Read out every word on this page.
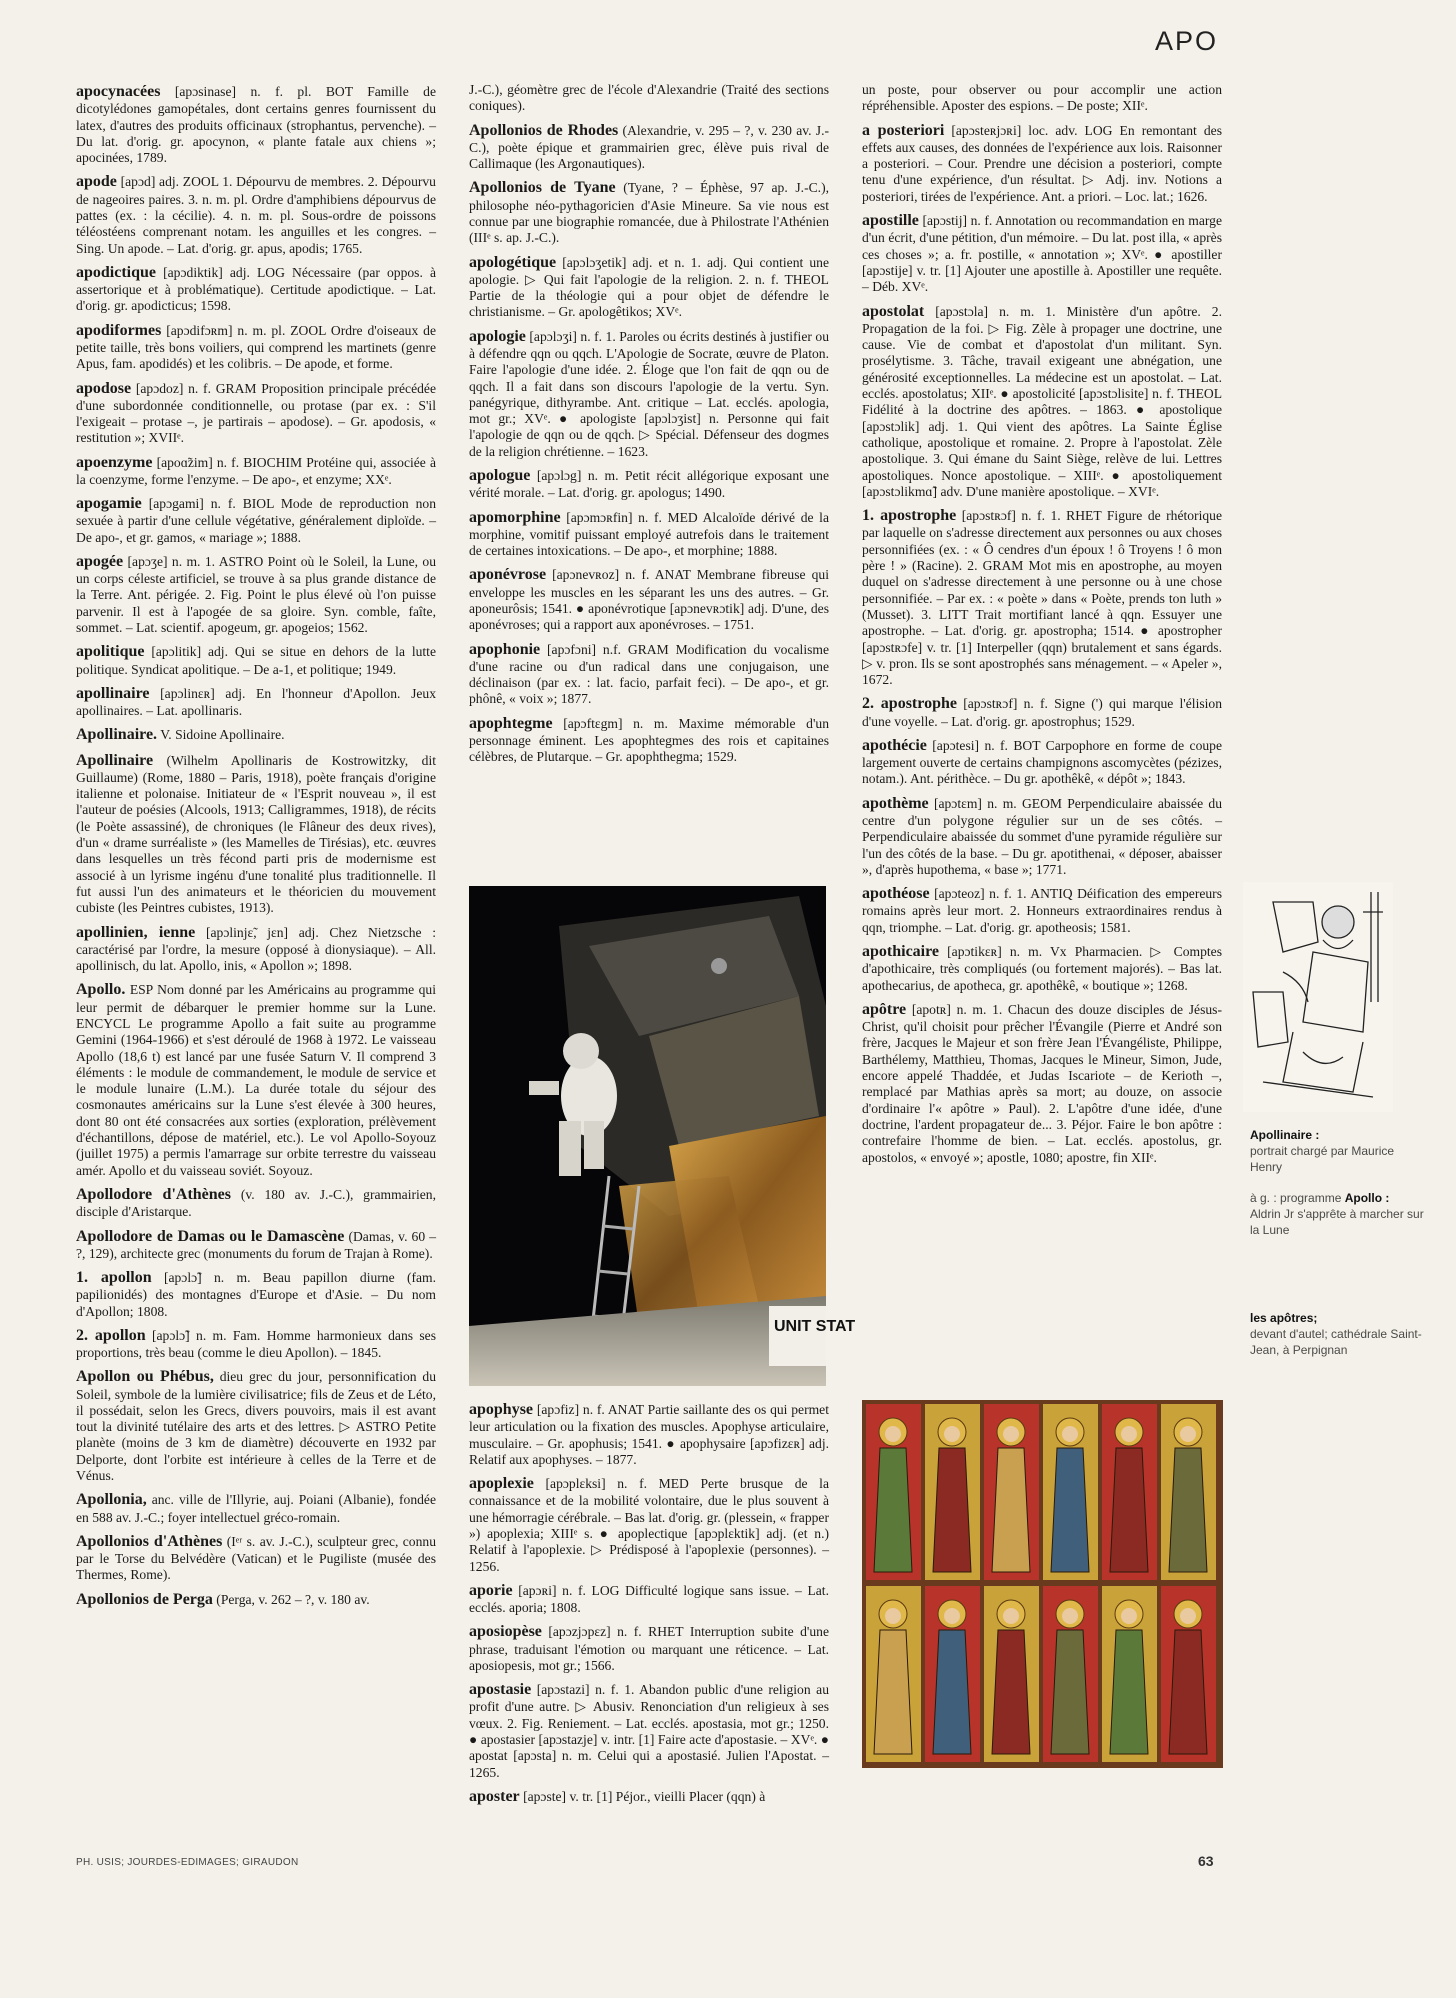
APO
apocynacées [apɔsinase] n. f. pl. BOT Famille de dicotylédones gamopétales, dont certains genres fournissent du latex, d'autres des produits officinaux (strophantus, pervenche). – Du lat. d'orig. gr. apocynon, « plante fatale aux chiens »; apocinées, 1789.
apode [apɔd] adj. ZOOL 1. Dépourvu de membres. 2. Dépourvu de nageoires paires. 3. n. m. pl. Ordre d'amphibiens dépourvus de pattes (ex. : la cécilie). 4. n. m. pl. Sous-ordre de poissons téléostéens comprenant notam. les anguilles et les congres. – Sing. Un apode. – Lat. d'orig. gr. apus, apodis; 1765.
apodictique [apɔdiktik] adj. LOG Nécessaire (par oppos. à assertorique et à problématique). Certitude apodictique. – Lat. d'orig. gr. apodicticus; 1598.
apodiformes [apɔdifɔʀm] n. m. pl. ZOOL Ordre d'oiseaux de petite taille, très bons voiliers, qui comprend les martinets (genre Apus, fam. apodidés) et les colibris. – De apode, et forme.
apodose [apɔdoz] n. f. GRAM Proposition principale précédée d'une subordonnée conditionnelle, ou protase (par ex. : S'il l'exigeait – protase –, je partirais – apodose). – Gr. apodosis, « restitution »; XVIIᵉ.
apoenzyme [apoɑ̃zim] n. f. BIOCHIM Protéine qui, associée à la coenzyme, forme l'enzyme. – De apo-, et enzyme; XXᵉ.
apogamie [apɔgami] n. f. BIOL Mode de reproduction non sexuée à partir d'une cellule végétative, généralement diploïde. – De apo-, et gr. gamos, « mariage »; 1888.
apogée [apɔʒe] n. m. 1. ASTRO Point où le Soleil, la Lune, ou un corps céleste artificiel, se trouve à sa plus grande distance de la Terre. Ant. périgée. 2. Fig. Point le plus élevé où l'on puisse parvenir. Il est à l'apogée de sa gloire. Syn. comble, faîte, sommet. – Lat. scientif. apogeum, gr. apogeios; 1562.
apolitique [apɔlitik] adj. Qui se situe en dehors de la lutte politique. Syndicat apolitique. – De a-1, et politique; 1949.
apollinaire [apɔlinɛʀ] adj. En l'honneur d'Apollon. Jeux apollinaires. – Lat. apollinaris.
Apollinaire. V. Sidoine Apollinaire.
Apollinaire (Wilhelm Apollinaris de Kostrowitzky, dit Guillaume) (Rome, 1880 – Paris, 1918), poète français d'origine italienne et polonaise. Initiateur de « l'Esprit nouveau », il est l'auteur de poésies (Alcools, 1913; Calligrammes, 1918), de récits (le Poète assassiné), de chroniques (le Flâneur des deux rives), d'un « drame surréaliste » (les Mamelles de Tirésias), etc. œuvres dans lesquelles un très fécond parti pris de modernisme est associé à un lyrisme ingénu d'une tonalité plus traditionnelle. Il fut aussi l'un des animateurs et le théoricien du mouvement cubiste (les Peintres cubistes, 1913).
apollinien, ienne [apɔlinjɛ̃, jɛn] adj. Chez Nietzsche : caractérisé par l'ordre, la mesure (opposé à dionysiaque). – All. apollinisch, du lat. Apollo, inis, « Apollon »; 1898.
Apollo. ESP Nom donné par les Américains au programme qui leur permit de débarquer le premier homme sur la Lune. ENCYCL Le programme Apollo a fait suite au programme Gemini (1964-1966) et s'est déroulé de 1968 à 1972. Le vaisseau Apollo (18,6 t) est lancé par une fusée Saturn V. Il comprend 3 éléments : le module de commandement, le module de service et le module lunaire (L.M.). La durée totale du séjour des cosmonautes américains sur la Lune s'est élevée à 300 heures, dont 80 ont été consacrées aux sorties (exploration, prélèvement d'échantillons, dépose de matériel, etc.). Le vol Apollo-Soyouz (juillet 1975) a permis l'amarrage sur orbite terrestre du vaisseau amér. Apollo et du vaisseau soviét. Soyouz.
Apollodore d'Athènes (v. 180 av. J.-C.), grammairien, disciple d'Aristarque.
Apollodore de Damas ou le Damascène (Damas, v. 60 – ?, 129), architecte grec (monuments du forum de Trajan à Rome).
1. apollon [apɔlɔ̃] n. m. Beau papillon diurne (fam. papilionidés) des montagnes d'Europe et d'Asie. – Du nom d'Apollon; 1808.
2. apollon [apɔlɔ̃] n. m. Fam. Homme harmonieux dans ses proportions, très beau (comme le dieu Apollon). – 1845.
Apollon ou Phébus, dieu grec du jour, personnification du Soleil, symbole de la lumière civilisatrice; fils de Zeus et de Léto, il possédait, selon les Grecs, divers pouvoirs, mais il est avant tout la divinité tutélaire des arts et des lettres. ▷ ASTRO Petite planète (moins de 3 km de diamètre) découverte en 1932 par Delporte, dont l'orbite est intérieure à celles de la Terre et de Vénus.
Apollonia, anc. ville de l'Illyrie, auj. Poiani (Albanie), fondée en 588 av. J.-C.; foyer intellectuel gréco-romain.
Apollonios d'Athènes (Iᵉʳ s. av. J.-C.), sculpteur grec, connu par le Torse du Belvédère (Vatican) et le Pugiliste (musée des Thermes, Rome).
Apollonios de Perga (Perga, v. 262 – ?, v. 180 av.
J.-C.), géomètre grec de l'école d'Alexandrie (Traité des sections coniques).
Apollonios de Rhodes (Alexandrie, v. 295 – ?, v. 230 av. J.-C.), poète épique et grammairien grec, élève puis rival de Callimaque (les Argonautiques).
Apollonios de Tyane (Tyane, ? – Éphèse, 97 ap. J.-C.), philosophe néo-pythagoricien d'Asie Mineure. Sa vie nous est connue par une biographie romancée, due à Philostrate l'Athénien (IIIᵉ s. ap. J.-C.).
apologétique [apɔlɔʒetik] adj. et n. 1. adj. Qui contient une apologie. ▷ Qui fait l'apologie de la religion. 2. n. f. THEOL Partie de la théologie qui a pour objet de défendre le christianisme. – Gr. apologêtikos; XVᵉ.
apologie [apɔlɔʒi] n. f. 1. Paroles ou écrits destinés à justifier ou à défendre qqn ou qqch. L'Apologie de Socrate, œuvre de Platon. Faire l'apologie d'une idée. 2. Éloge que l'on fait de qqn ou de qqch. Il a fait dans son discours l'apologie de la vertu. Syn. panégyrique, dithyrambe. Ant. critique – Lat. ecclés. apologia, mot gr.; XVᵉ. ● apologiste [apɔlɔʒist] n. Personne qui fait l'apologie de qqn ou de qqch. ▷ Spécial. Défenseur des dogmes de la religion chrétienne. – 1623.
apologue [apɔlɔg] n. m. Petit récit allégorique exposant une vérité morale. – Lat. d'orig. gr. apologus; 1490.
apomorphine [apɔmɔʀfin] n. f. MED Alcaloïde dérivé de la morphine, vomitif puissant employé autrefois dans le traitement de certaines intoxications. – De apo-, et morphine; 1888.
aponévrose [apɔnevʀoz] n. f. ANAT Membrane fibreuse qui enveloppe les muscles en les séparant les uns des autres. – Gr. aponeurôsis; 1541. ● aponévrotique [apɔnevʀɔtik] adj. D'une, des aponévroses; qui a rapport aux aponévroses. – 1751.
apophonie [apɔfɔni] n.f. GRAM Modification du vocalisme d'une racine ou d'un radical dans une conjugaison, une déclinaison (par ex. : lat. facio, parfait feci). – De apo-, et gr. phônê, « voix »; 1877.
apophtegme [apɔftɛgm] n. m. Maxime mémorable d'un personnage éminent. Les apophtegmes des rois et capitaines célèbres, de Plutarque. – Gr. apophthegma; 1529.
un poste, pour observer ou pour accomplir une action répréhensible. Aposter des espions. – De poste; XIIᵉ.
a posteriori [apɔsteʀjɔʀi] loc. adv. LOG En remontant des effets aux causes, des données de l'expérience aux lois. Raisonner a posteriori. – Cour. Prendre une décision a posteriori, compte tenu d'une expérience, d'un résultat. ▷ Adj. inv. Notions a posteriori, tirées de l'expérience. Ant. a priori. – Loc. lat.; 1626.
apostille [apɔstij] n. f. Annotation ou recommandation en marge d'un écrit, d'une pétition, d'un mémoire. – Du lat. post illa, « après ces choses »; a. fr. postille, « annotation »; XVᵉ. ● apostiller [apɔstije] v. tr. [1] Ajouter une apostille à. Apostiller une requête. – Déb. XVᵉ.
apostolat [apɔstɔla] n. m. 1. Ministère d'un apôtre. 2. Propagation de la foi. ▷ Fig. Zèle à propager une doctrine, une cause. Vie de combat et d'apostolat d'un militant. Syn. prosélytisme. 3. Tâche, travail exigeant une abnégation, une générosité exceptionnelles. La médecine est un apostolat. – Lat. ecclés. apostolatus; XIIᵉ. ● apostolicité [apɔstɔlisite] n. f. THEOL Fidélité à la doctrine des apôtres. – 1863. ● apostolique [apɔstɔlik] adj. 1. Qui vient des apôtres. La Sainte Église catholique, apostolique et romaine. 2. Propre à l'apostolat. Zèle apostolique. 3. Qui émane du Saint Siège, relève de lui. Lettres apostoliques. Nonce apostolique. – XIIIᵉ. ● apostoliquement [apɔstɔlikmɑ̃] adv. D'une manière apostolique. – XVIᵉ.
1. apostrophe [apɔstʀɔf] n. f. 1. RHET Figure de rhétorique par laquelle on s'adresse directement aux personnes ou aux choses personnifiées (ex. : « Ô cendres d'un époux ! ô Troyens ! ô mon père ! » (Racine). 2. GRAM Mot mis en apostrophe, au moyen duquel on s'adresse directement à une personne ou à une chose personnifiée. – Par ex. : « poète » dans « Poète, prends ton luth » (Musset). 3. LITT Trait mortifiant lancé à qqn. Essuyer une apostrophe. – Lat. d'orig. gr. apostropha; 1514. ● apostropher [apɔstʀɔfe] v. tr. [1] Interpeller (qqn) brutalement et sans égards. ▷ v. pron. Ils se sont apostrophés sans ménagement. – « Apeler », 1672.
2. apostrophe [apɔstʀɔf] n. f. Signe (') qui marque l'élision d'une voyelle. – Lat. d'orig. gr. apostrophus; 1529.
apothécie [apɔtesi] n. f. BOT Carpophore en forme de coupe largement ouverte de certains champignons ascomycètes (pézizes, notam.). Ant. périthèce. – Du gr. apothêkê, « dépôt »; 1843.
apothème [apɔtɛm] n. m. GEOM Perpendiculaire abaissée du centre d'un polygone régulier sur un de ses côtés. – Perpendiculaire abaissée du sommet d'une pyramide régulière sur l'un des côtés de la base. – Du gr. apotithenai, « déposer, abaisser », d'après hupothema, « base »; 1771.
apothéose [apɔteoz] n. f. 1. ANTIQ Déification des empereurs romains après leur mort. 2. Honneurs extraordinaires rendus à qqn, triomphe. – Lat. d'orig. gr. apotheosis; 1581.
apothicaire [apɔtikɛʀ] n. m. Vx Pharmacien. ▷ Comptes d'apothicaire, très compliqués (ou fortement majorés). – Bas lat. apothecarius, de apotheca, gr. apothêkê, « boutique »; 1268.
apôtre [apotʀ] n. m. 1. Chacun des douze disciples de Jésus-Christ, qu'il choisit pour prêcher l'Évangile (Pierre et André son frère, Jacques le Majeur et son frère Jean l'Évangéliste, Philippe, Barthélemy, Matthieu, Thomas, Jacques le Mineur, Simon, Jude, encore appelé Thaddée, et Judas Iscariote – de Kerioth –, remplacé par Mathias après sa mort; au douze, on associe d'ordinaire l'« apôtre » Paul). 2. L'apôtre d'une idée, d'une doctrine, l'ardent propagateur de... 3. Péjor. Faire le bon apôtre : contrefaire l'homme de bien. – Lat. ecclés. apostolus, gr. apostolos, « envoyé »; apostle, 1080; apostre, fin XIIᵉ.
apophyse [apɔfiz] n. f. ANAT Partie saillante des os qui permet leur articulation ou la fixation des muscles. Apophyse articulaire, musculaire. – Gr. apophusis; 1541. ● apophysaire [apɔfizɛʀ] adj. Relatif aux apophyses. – 1877.
apoplexie [apɔplɛksi] n. f. MED Perte brusque de la connaissance et de la mobilité volontaire, due le plus souvent à une hémorragie cérébrale. – Bas lat. d'orig. gr. (plessein, « frapper ») apoplexia; XIIIᵉ s. ● apoplectique [apɔplɛktik] adj. (et n.) Relatif à l'apoplexie. ▷ Prédisposé à l'apoplexie (personnes). – 1256.
aporie [apɔʀi] n. f. LOG Difficulté logique sans issue. – Lat. ecclés. aporia; 1808.
aposiopèse [apɔzjɔpɛz] n. f. RHET Interruption subite d'une phrase, traduisant l'émotion ou marquant une réticence. – Lat. aposiopesis, mot gr.; 1566.
apostasie [apɔstazi] n. f. 1. Abandon public d'une religion au profit d'une autre. ▷ Abusiv. Renonciation d'un religieux à ses vœux. 2. Fig. Reniement. – Lat. ecclés. apostasia, mot gr.; 1250. ● apostasier [apɔstazje] v. intr. [1] Faire acte d'apostasie. – XVᵉ. ● apostat [apɔsta] n. m. Celui qui a apostasié. Julien l'Apostat. – 1265.
aposter [apɔste] v. tr. [1] Péjor., vieilli Placer (qqn) à
UNIT STAT
Apollinaire :
portrait chargé par Maurice Henry
à g. : programme Apollo :
Aldrin Jr s'apprête à marcher sur la Lune
les apôtres;
devant d'autel; cathédrale Saint-Jean, à Perpignan
PH. USIS; JOURDES-EDIMAGES; GIRAUDON	63
